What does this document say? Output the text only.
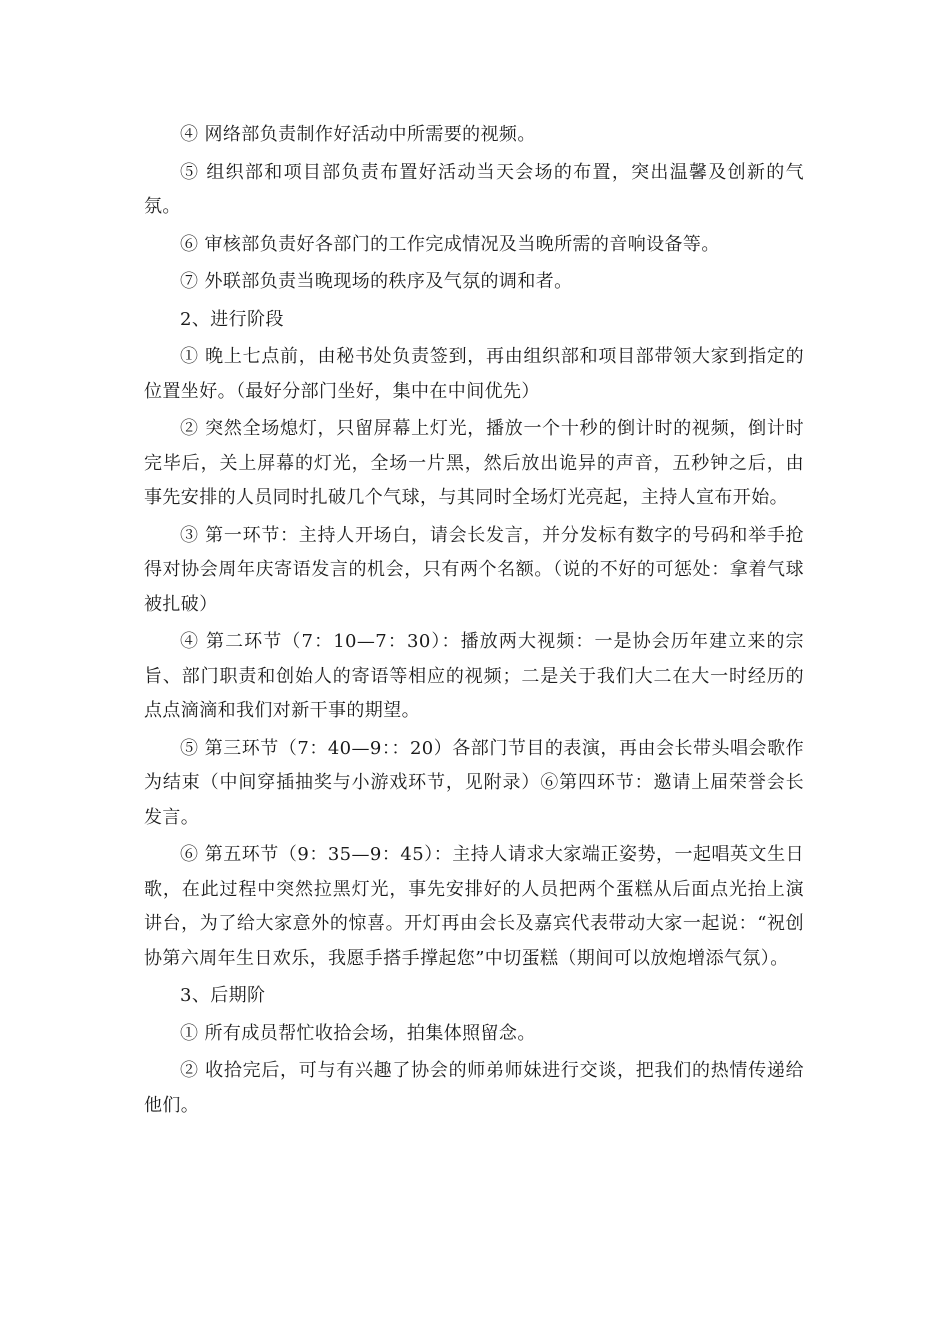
④ 网络部负责制作好活动中所需要的视频。

⑤ 组织部和项目部负责布置好活动当天会场的布置，突出温馨及创新的气氛。

⑥ 审核部负责好各部门的工作完成情况及当晚所需的音响设备等。

⑦ 外联部负责当晚现场的秩序及气氛的调和者。

2、进行阶段

① 晚上七点前，由秘书处负责签到，再由组织部和项目部带领大家到指定的位置坐好。（最好分部门坐好，集中在中间优先）

② 突然全场熄灯，只留屏幕上灯光，播放一个十秒的倒计时的视频，倒计时完毕后，关上屏幕的灯光，全场一片黑，然后放出诡异的声音，五秒钟之后，由事先安排的人员同时扎破几个气球，与其同时全场灯光亮起，主持人宣布开始。

③ 第一环节：主持人开场白，请会长发言，并分发标有数字的号码和举手抢得对协会周年庆寄语发言的机会，只有两个名额。（说的不好的可惩处：拿着气球被扎破）

④ 第二环节（7：10—7：30）：播放两大视频：一是协会历年建立来的宗旨、部门职责和创始人的寄语等相应的视频；二是关于我们大二在大一时经历的点点滴滴和我们对新干事的期望。

⑤ 第三环节（7：40—9：：20）各部门节目的表演，再由会长带头唱会歌作为结束（中间穿插抽奖与小游戏环节，见附录）⑥第四环节：邀请上届荣誉会长发言。

⑥ 第五环节（9：35—9：45）：主持人请求大家端正姿势，一起唱英文生日歌，在此过程中突然拉黑灯光，事先安排好的人员把两个蛋糕从后面点光抬上演讲台，为了给大家意外的惊喜。开灯再由会长及嘉宾代表带动大家一起说：“祝创协第六周年生日欢乐，我愿手搭手撑起您”中切蛋糕（期间可以放炮增添气氛）。

3、后期阶

① 所有成员帮忙收拾会场，拍集体照留念。

② 收拾完后，可与有兴趣了协会的师弟师妹进行交谈，把我们的热情传递给他们。
